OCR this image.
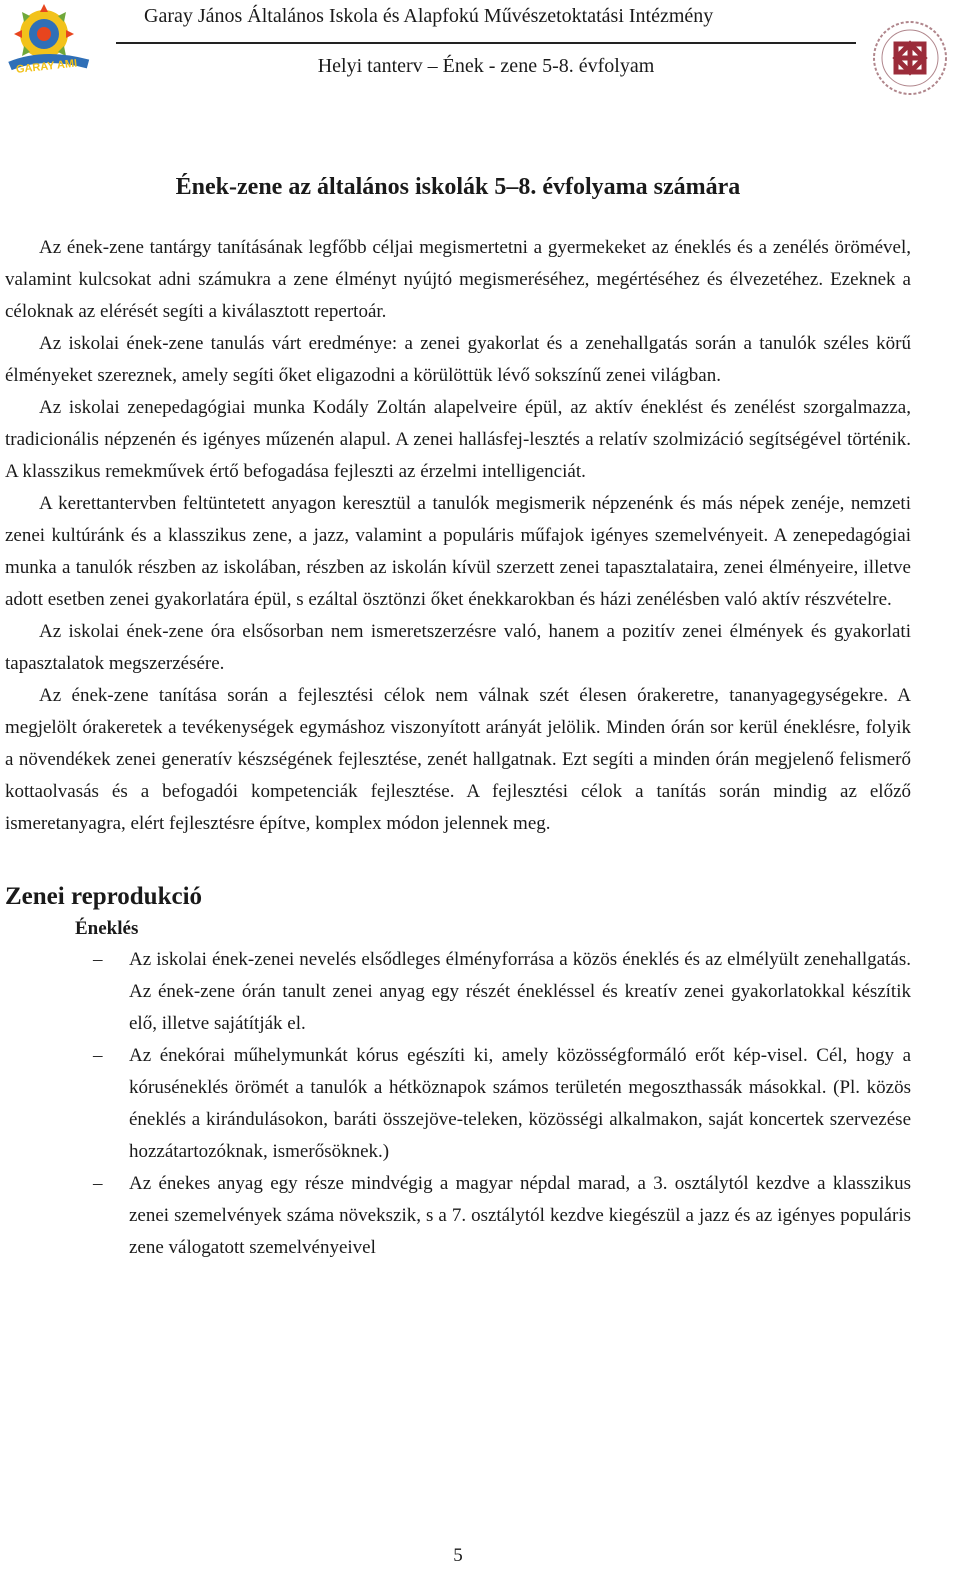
GARAY AMI
Garay János Általános Iskola és Alapfokú Művészetoktatási Intézmény
Helyi tanterv – Ének - zene 5-8. évfolyam
Ének-zene az általános iskolák 5–8. évfolyama számára

Az ének-zene tantárgy tanításának legfőbb céljai megismertetni a gyermekeket az éneklés és a zenélés örömével, valamint kulcsokat adni számukra a zene élményt nyújtó megismeréséhez, megértéséhez és élvezetéhez. Ezeknek a céloknak az elérését segíti a kiválasztott repertoár.

Az iskolai ének-zene tanulás várt eredménye: a zenei gyakorlat és a zenehallgatás során a tanulók széles körű élményeket szereznek, amely segíti őket eligazodni a körülöttük lévő sokszínű zenei világban.

Az iskolai zenepedagógiai munka Kodály Zoltán alapelveire épül, az aktív éneklést és zenélést szorgalmazza, tradicionális népzenén és igényes műzenén alapul. A zenei hallásfej-lesztés a relatív szolmizáció segítségével történik. A klasszikus remekművek értő befogadása fejleszti az érzelmi intelligenciát.

A kerettantervben feltüntetett anyagon keresztül a tanulók megismerik népzenénk és más népek zenéje, nemzeti zenei kultúránk és a klasszikus zene, a jazz, valamint a populáris műfajok igényes szemelvényeit. A zenepedagógiai munka a tanulók részben az iskolában, részben az iskolán kívül szerzett zenei tapasztalataira, zenei élményeire, illetve adott esetben zenei gyakorlatára épül, s ezáltal ösztönzi őket énekkarokban és házi zenélésben való aktív részvételre.

Az iskolai ének-zene óra elsősorban nem ismeretszerzésre való, hanem a pozitív zenei élmények és gyakorlati tapasztalatok megszerzésére.

Az ének-zene tanítása során a fejlesztési célok nem válnak szét élesen órakeretre, tananyagegységekre. A megjelölt órakeretek a tevékenységek egymáshoz viszonyított arányát jelölik. Minden órán sor kerül éneklésre, folyik a növendékek zenei generatív készségének fejlesztése, zenét hallgatnak. Ezt segíti a minden órán megjelenő felismerő kottaolvasás és a befogadói kompetenciák fejlesztése. A fejlesztési célok a tanítás során mindig az előző ismeretanyagra, elért fejlesztésre építve, komplex módon jelennek meg.

Zenei reprodukció
Éneklés
– Az iskolai ének-zenei nevelés elsődleges élményforrása a közös éneklés és az elmélyült zenehallgatás. Az ének-zene órán tanult zenei anyag egy részét énekléssel és kreatív zenei gyakorlatokkal készítik elő, illetve sajátítják el.
– Az énekórai műhelymunkát kórus egészíti ki, amely közösségformáló erőt kép-visel. Cél, hogy a kóruséneklés örömét a tanulók a hétköznapok számos területén megoszthassák másokkal. (Pl. közös éneklés a kirándulásokon, baráti összejöve-teleken, közösségi alkalmakon, saját koncertek szervezése hozzátartozóknak, ismerősöknek.)
– Az énekes anyag egy része mindvégig a magyar népdal marad, a 3. osztálytól kezdve a klasszikus zenei szemelvények száma növekszik, s a 7. osztálytól kezdve kiegészül a jazz és az igényes populáris zene válogatott szemelvényeivel
5
